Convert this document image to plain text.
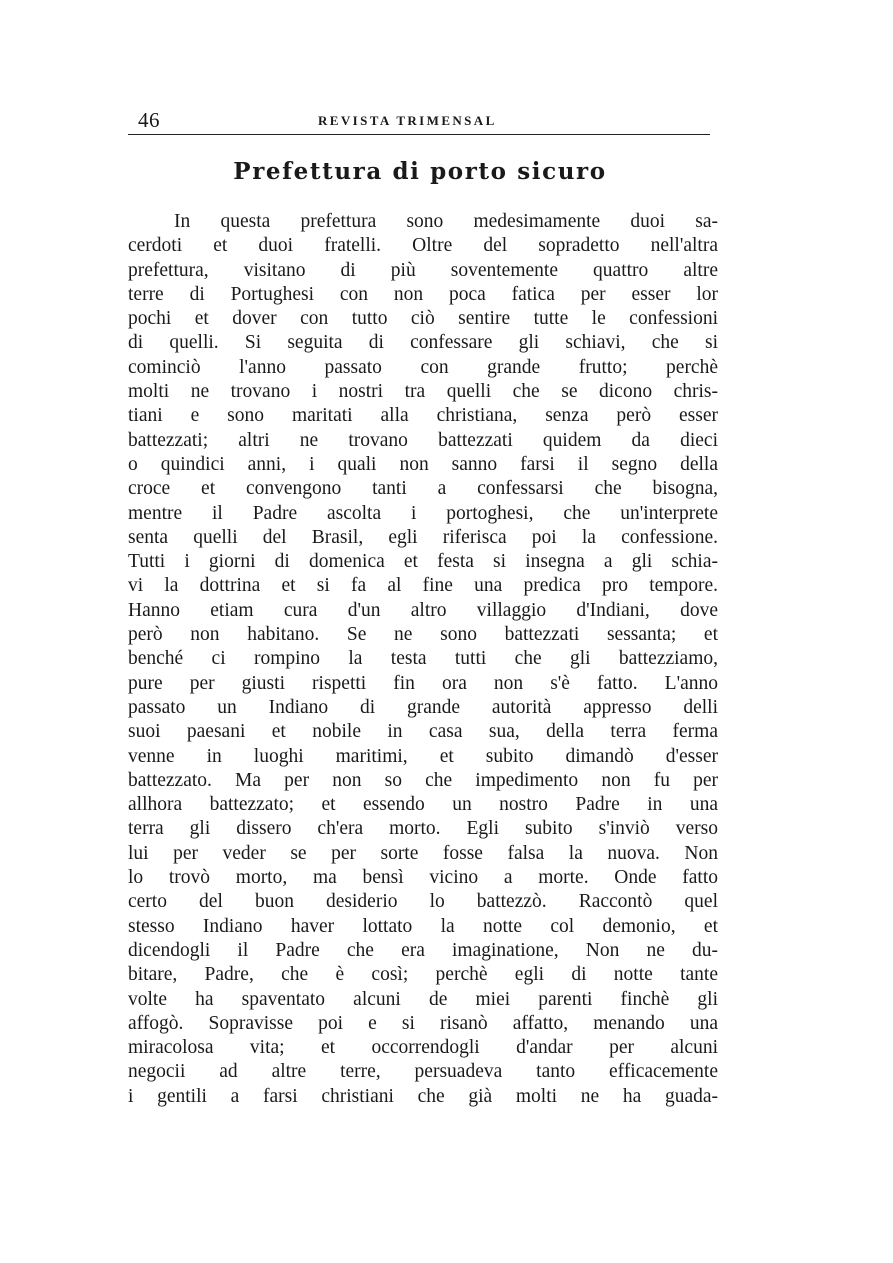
46	REVISTA TRIMENSAL
Prefettura di porto sicuro
In questa prefettura sono medesimamente duoi sa-
cerdoti et duoi fratelli. Oltre del sopradetto nell'altra
prefettura, visitano di più soventemente quattro altre
terre di Portughesi con non poca fatica per esser lor
pochi et dover con tutto ciò sentire tutte le confessioni
di quelli. Si seguita di confessare gli schiavi, che si
cominciò l'anno passato con grande frutto; perchè
molti ne trovano i nostri tra quelli che se dicono chris-
tiani e sono maritati alla christiana, senza però esser
battezzati; altri ne trovano battezzati quidem da dieci
o quindici anni, i quali non sanno farsi il segno della
croce et convengono tanti a confessarsi che bisogna,
mentre il Padre ascolta i portoghesi, che un'interprete
senta quelli del Brasil, egli riferisca poi la confessione.
Tutti i giorni di domenica et festa si insegna a gli schia-
vi la dottrina et si fa al fine una predica pro tempore.
Hanno etiam cura d'un altro villaggio d'Indiani, dove
però non habitano. Se ne sono battezzati sessanta; et
benché ci rompino la testa tutti che gli battezziamo,
pure per giusti rispetti fin ora non s'è fatto. L'anno
passato un Indiano di grande autorità appresso delli
suoi paesani et nobile in casa sua, della terra ferma
venne in luoghi maritimi, et subito dimandò d'esser
battezzato. Ma per non so che impedimento non fu per
allhora battezzato; et essendo un nostro Padre in una
terra gli dissero ch'era morto. Egli subito s'inviò verso
lui per veder se per sorte fosse falsa la nuova. Non
lo trovò morto, ma bensì vicino a morte. Onde fatto
certo del buon desiderio lo battezzò. Raccontò quel
stesso Indiano haver lottato la notte col demonio, et
dicendogli il Padre che era imaginatione, Non ne du-
bitare, Padre, che è così; perchè egli di notte tante
volte ha spaventato alcuni de miei parenti finchè gli
affogò. Sopravisse poi e si risanò affatto, menando una
miracolosa vita; et occorrendogli d'andar per alcuni
negocii ad altre terre, persuadeva tanto efficacemente
i gentili a farsi christiani che già molti ne ha guada-
